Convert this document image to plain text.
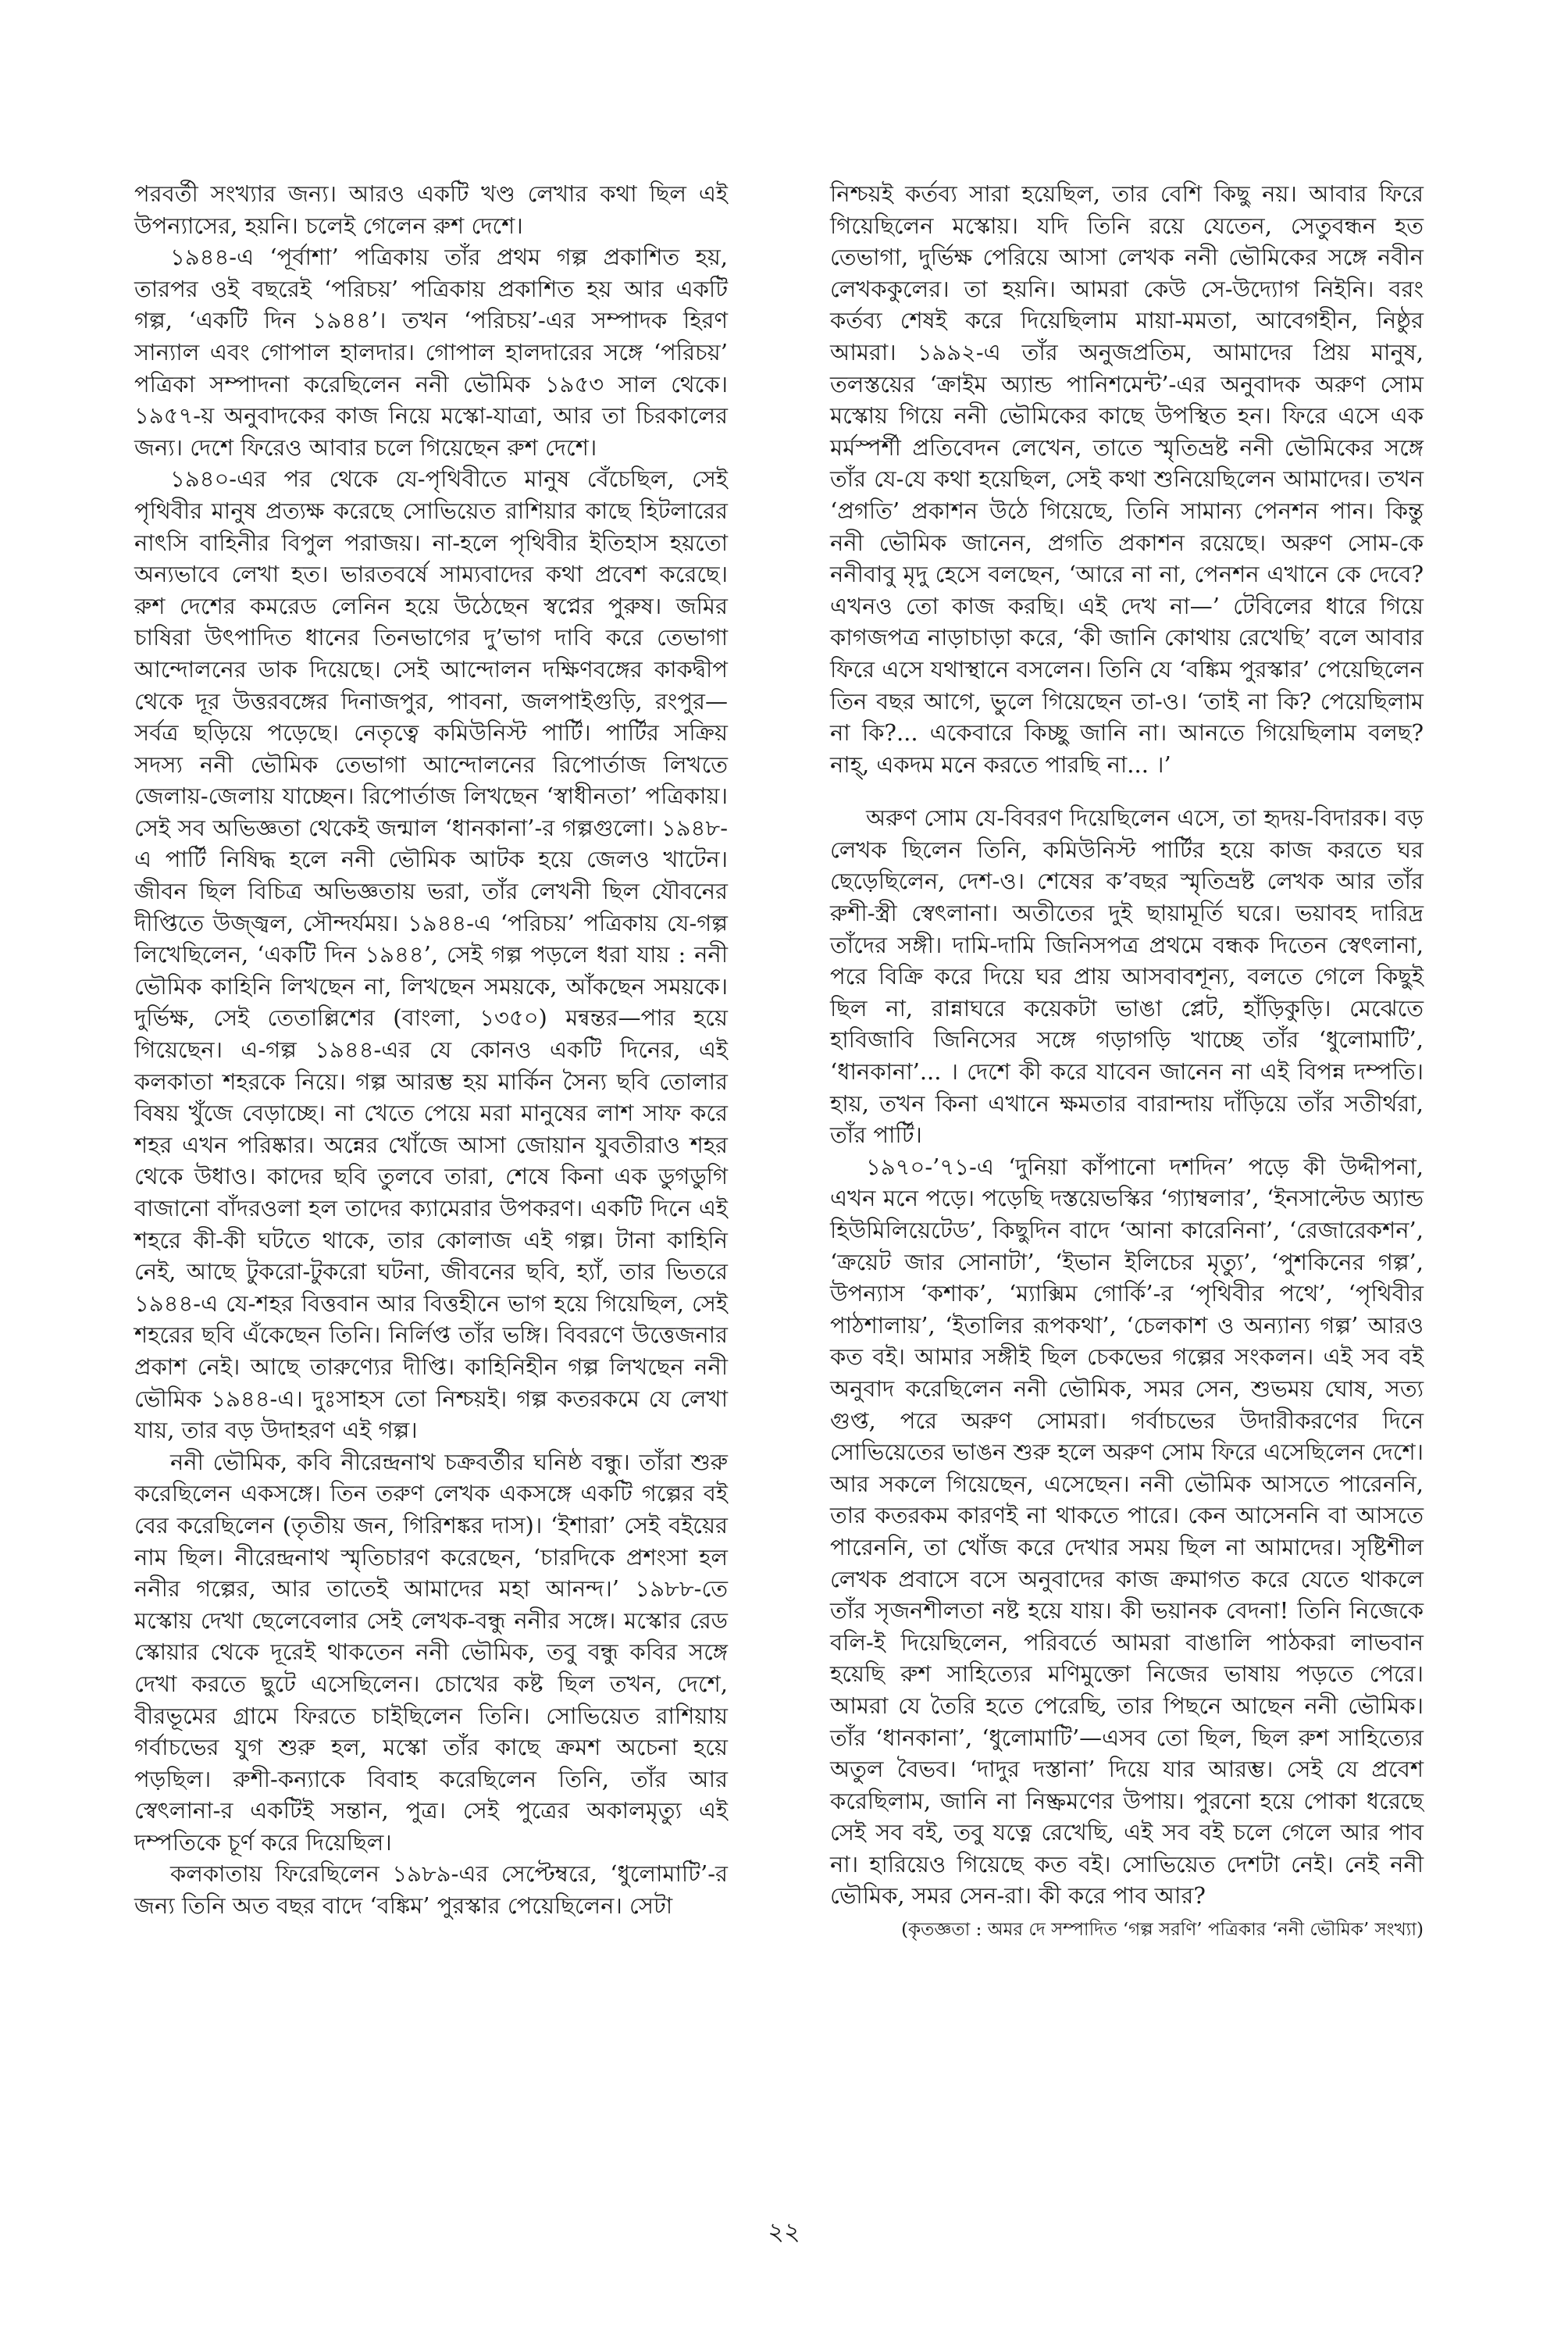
পরবর্তী সংখ্যার জন্য। আরও একটি খণ্ড লেখার কথা ছিল এই উপন্যাসের, হয়নি। চলেই গেলেন রুশ দেশে।

১৯৪৪-এ ‘পূর্বাশা’ পত্রিকায় তাঁর প্রথম গল্প প্রকাশিত হয়, তারপর ওই বছরেই ‘পরিচয়’ পত্রিকায় প্রকাশিত হয় আর একটি গল্প, ‘একটি দিন ১৯৪৪’। তখন ‘পরিচয়’-এর সম্পাদক হিরণ সান্যাল এবং গোপাল হালদার। গোপাল হালদারের সঙ্গে ‘পরিচয়’ পত্রিকা সম্পাদনা করেছিলেন ননী ভৌমিক ১৯৫৩ সাল থেকে। ১৯৫৭-য় অনুবাদকের কাজ নিয়ে মস্কো-যাত্রা, আর তা চিরকালের জন্য। দেশে ফিরেও আবার চলে গিয়েছেন রুশ দেশে।

১৯৪০-এর পর থেকে যে-পৃথিবীতে মানুষ বেঁচেছিল, সেই পৃথিবীর মানুষ প্রত্যক্ষ করেছে সোভিয়েত রাশিয়ার কাছে হিটলারের নাৎসি বাহিনীর বিপুল পরাজয়। না-হলে পৃথিবীর ইতিহাস হয়তো অন্যভাবে লেখা হত। ভারতবর্ষে সাম্যবাদের কথা প্রবেশ করেছে। রুশ দেশের কমরেড লেনিন হয়ে উঠেছেন স্বপ্নের পুরুষ। জমির চাষিরা উৎপাদিত ধানের তিনভাগের দু’ভাগ দাবি করে তেভাগা আন্দোলনের ডাক দিয়েছে। সেই আন্দোলন দক্ষিণবঙ্গের কাকদ্বীপ থেকে দূর উত্তরবঙ্গের দিনাজপুর, পাবনা, জলপাইগুড়ি, রংপুর—সর্বত্র ছড়িয়ে পড়েছে। নেতৃত্বে কমিউনিস্ট পার্টি। পার্টির সক্রিয় সদস্য ননী ভৌমিক তেভাগা আন্দোলনের রিপোর্তাজ লিখতে জেলায়-জেলায় যাচ্ছেন। রিপোর্তাজ লিখছেন ‘স্বাধীনতা’ পত্রিকায়। সেই সব অভিজ্ঞতা থেকেই জন্মাল ‘ধানকানা’-র গল্পগুলো। ১৯৪৮-এ পার্টি নিষিদ্ধ হলে ননী ভৌমিক আটক হয়ে জেলও খাটেন। জীবন ছিল বিচিত্র অভিজ্ঞতায় ভরা, তাঁর লেখনী ছিল যৌবনের দীপ্তিতে উজ্জ্বল, সৌন্দর্যময়। ১৯৪৪-এ ‘পরিচয়’ পত্রিকায় যে-গল্প লিখেছিলেন, ‘একটি দিন ১৯৪৪’, সেই গল্প পড়লে ধরা যায় : ননী ভৌমিক কাহিনি লিখছেন না, লিখছেন সময়কে, আঁকছেন সময়কে। দুর্ভিক্ষ, সেই তেতাল্লিশের (বাংলা, ১৩৫০) মন্বন্তর—পার হয়ে গিয়েছেন। এ-গল্প ১৯৪৪-এর যে কোনও একটি দিনের, এই কলকাতা শহরকে নিয়ে। গল্প আরম্ভ হয় মার্কিন সৈন্য ছবি তোলার বিষয় খুঁজে বেড়াচ্ছে। না খেতে পেয়ে মরা মানুষের লাশ সাফ করে শহর এখন পরিষ্কার। অন্নের খোঁজে আসা জোয়ান যুবতীরাও শহর থেকে উধাও। কাদের ছবি তুলবে তারা, শেষে কিনা এক ডুগডুগি বাজানো বাঁদরওলা হল তাদের ক্যামেরার উপকরণ। একটি দিনে এই শহরে কী-কী ঘটতে থাকে, তার কোলাজ এই গল্প। টানা কাহিনি নেই, আছে টুকরো-টুকরো ঘটনা, জীবনের ছবি, হ্যাঁ, তার ভিতরে ১৯৪৪-এ যে-শহর বিত্তবান আর বিত্তহীনে ভাগ হয়ে গিয়েছিল, সেই শহরের ছবি এঁকেছেন তিনি। নির্লিপ্ত তাঁর ভঙ্গি। বিবরণে উত্তেজনার প্রকাশ নেই। আছে তারুণ্যের দীপ্তি। কাহিনিহীন গল্প লিখছেন ননী ভৌমিক ১৯৪৪-এ। দুঃসাহস তো নিশ্চয়ই। গল্প কতরকমে যে লেখা যায়, তার বড় উদাহরণ এই গল্প।

ননী ভৌমিক, কবি নীরেন্দ্রনাথ চক্রবর্তীর ঘনিষ্ঠ বন্ধু। তাঁরা শুরু করেছিলেন একসঙ্গে। তিন তরুণ লেখক একসঙ্গে একটি গল্পের বই বের করেছিলেন (তৃতীয় জন, গিরিশঙ্কর দাস)। ‘ইশারা’ সেই বইয়ের নাম ছিল। নীরেন্দ্রনাথ স্মৃতিচারণ করেছেন, ‘চারদিকে প্রশংসা হল ননীর গল্পের, আর তাতেই আমাদের মহা আনন্দ।’ ১৯৮৮-তে মস্কোয় দেখা ছেলেবেলার সেই লেখক-বন্ধু ননীর সঙ্গে। মস্কোর রেড স্কোয়ার থেকে দূরেই থাকতেন ননী ভৌমিক, তবু বন্ধু কবির সঙ্গে দেখা করতে ছুটে এসেছিলেন। চোখের কষ্ট ছিল তখন, দেশে, বীরভূমের গ্রামে ফিরতে চাইছিলেন তিনি। সোভিয়েত রাশিয়ায় গর্বাচভের যুগ শুরু হল, মস্কো তাঁর কাছে ক্রমশ অচেনা হয়ে পড়ছিল। রুশী-কন্যাকে বিবাহ করেছিলেন তিনি, তাঁর আর স্বেৎলানা-র একটিই সন্তান, পুত্র। সেই পুত্রের অকালমৃত্যু এই দম্পতিকে চূর্ণ করে দিয়েছিল।

কলকাতায় ফিরেছিলেন ১৯৮৯-এর সেপ্টেম্বরে, ‘ধুলোমাটি’-র জন্য তিনি অত বছর বাদে ‘বঙ্কিম’ পুরস্কার পেয়েছিলেন। সেটা

নিশ্চয়ই কর্তব্য সারা হয়েছিল, তার বেশি কিছু নয়। আবার ফিরে গিয়েছিলেন মস্কোয়। যদি তিনি রয়ে যেতেন, সেতুবন্ধন হত তেভাগা, দুর্ভিক্ষ পেরিয়ে আসা লেখক ননী ভৌমিকের সঙ্গে নবীন লেখককুলের। তা হয়নি। আমরা কেউ সে-উদ্যোগ নিইনি। বরং কর্তব্য শেষই করে দিয়েছিলাম মায়া-মমতা, আবেগহীন, নিষ্ঠুর আমরা। ১৯৯২-এ তাঁর অনুজপ্রতিম, আমাদের প্রিয় মানুষ, তলস্তয়ের ‘ক্রাইম অ্যান্ড পানিশমেন্ট’-এর অনুবাদক অরুণ সোম মস্কোয় গিয়ে ননী ভৌমিকের কাছে উপস্থিত হন। ফিরে এসে এক মর্মস্পর্শী প্রতিবেদন লেখেন, তাতে স্মৃতিভ্রষ্ট ননী ভৌমিকের সঙ্গে তাঁর যে-যে কথা হয়েছিল, সেই কথা শুনিয়েছিলেন আমাদের। তখন ‘প্রগতি’ প্রকাশন উঠে গিয়েছে, তিনি সামান্য পেনশন পান। কিন্তু ননী ভৌমিক জানেন, প্রগতি প্রকাশন রয়েছে। অরুণ সোম-কে ননীবাবু মৃদু হেসে বলছেন, ‘আরে না না, পেনশন এখানে কে দেবে? এখনও তো কাজ করছি। এই দেখ না—’ টেবিলের ধারে গিয়ে কাগজপত্র নাড়াচাড়া করে, ‘কী জানি কোথায় রেখেছি’ বলে আবার ফিরে এসে যথাস্থানে বসলেন। তিনি যে ‘বঙ্কিম পুরস্কার’ পেয়েছিলেন তিন বছর আগে, ভুলে গিয়েছেন তা-ও। ‘তাই না কি? পেয়েছিলাম না কি?... একেবারে কিচ্ছু জানি না। আনতে গিয়েছিলাম বলছ? নাহ্, একদম মনে করতে পারছি না... ।’

অরুণ সোম যে-বিবরণ দিয়েছিলেন এসে, তা হৃদয়-বিদারক। বড় লেখক ছিলেন তিনি, কমিউনিস্ট পার্টির হয়ে কাজ করতে ঘর ছেড়েছিলেন, দেশ-ও। শেষের ক’বছর স্মৃতিভ্রষ্ট লেখক আর তাঁর রুশী-স্ত্রী স্বেৎলানা। অতীতের দুই ছায়ামূর্তি ঘরে। ভয়াবহ দারিদ্র তাঁদের সঙ্গী। দামি-দামি জিনিসপত্র প্রথমে বন্ধক দিতেন স্বেৎলানা, পরে বিক্রি করে দিয়ে ঘর প্রায় আসবাবশূন্য, বলতে গেলে কিছুই ছিল না, রান্নাঘরে কয়েকটা ভাঙা প্লেট, হাঁড়িকুড়ি। মেঝেতে হাবিজাবি জিনিসের সঙ্গে গড়াগড়ি খাচ্ছে তাঁর ‘ধুলোমাটি’, ‘ধানকানা’... । দেশে কী করে যাবেন জানেন না এই বিপন্ন দম্পতি। হায়, তখন কিনা এখানে ক্ষমতার বারান্দায় দাঁড়িয়ে তাঁর সতীর্থরা, তাঁর পার্টি।

১৯৭০-’৭১-এ ‘দুনিয়া কাঁপানো দশদিন’ পড়ে কী উদ্দীপনা, এখন মনে পড়ে। পড়েছি দস্তয়েভস্কির ‘গ্যাম্বলার’, ‘ইনসাল্টেড অ্যান্ড হিউমিলিয়েটেড’, কিছুদিন বাদে ‘আনা কারেনিনা’, ‘রেজারেকশন’, ‘ক্রয়েট জার সোনাটা’, ‘ইভান ইলিচের মৃত্যু’, ‘পুশকিনের গল্প’, উপন্যাস ‘কশাক’, ‘ম্যাক্সিম গোর্কি’-র ‘পৃথিবীর পথে’, ‘পৃথিবীর পাঠশালায়’, ‘ইতালির রূপকথা’, ‘চেলকাশ ও অন্যান্য গল্প’ আরও কত বই। আমার সঙ্গীই ছিল চেকভের গল্পের সংকলন। এই সব বই অনুবাদ করেছিলেন ননী ভৌমিক, সমর সেন, শুভময় ঘোষ, সত্য গুপ্ত, পরে অরুণ সোমরা। গর্বাচভের উদারীকরণের দিনে সোভিয়েতের ভাঙন শুরু হলে অরুণ সোম ফিরে এসেছিলেন দেশে। আর সকলে গিয়েছেন, এসেছেন। ননী ভৌমিক আসতে পারেননি, তার কতরকম কারণই না থাকতে পারে। কেন আসেননি বা আসতে পারেননি, তা খোঁজ করে দেখার সময় ছিল না আমাদের। সৃষ্টিশীল লেখক প্রবাসে বসে অনুবাদের কাজ ক্রমাগত করে যেতে থাকলে তাঁর সৃজনশীলতা নষ্ট হয়ে যায়। কী ভয়ানক বেদনা! তিনি নিজেকে বলি-ই দিয়েছিলেন, পরিবর্তে আমরা বাঙালি পাঠকরা লাভবান হয়েছি রুশ সাহিত্যের মণিমুক্তো নিজের ভাষায় পড়তে পেরে। আমরা যে তৈরি হতে পেরেছি, তার পিছনে আছেন ননী ভৌমিক। তাঁর ‘ধানকানা’, ‘ধুলোমাটি’—এসব তো ছিল, ছিল রুশ সাহিত্যের অতুল বৈভব। ‘দাদুর দস্তানা’ দিয়ে যার আরম্ভ। সেই যে প্রবেশ করেছিলাম, জানি না নিষ্ক্রমণের উপায়। পুরনো হয়ে পোকা ধরেছে সেই সব বই, তবু যত্নে রেখেছি, এই সব বই চলে গেলে আর পাব না। হারিয়েও গিয়েছে কত বই। সোভিয়েত দেশটা নেই। নেই ননী ভৌমিক, সমর সেন-রা। কী করে পাব আর?

(কৃতজ্ঞতা : অমর দে সম্পাদিত ‘গল্প সরণি’ পত্রিকার ‘ননী ভৌমিক’ সংখ্যা)
২২
